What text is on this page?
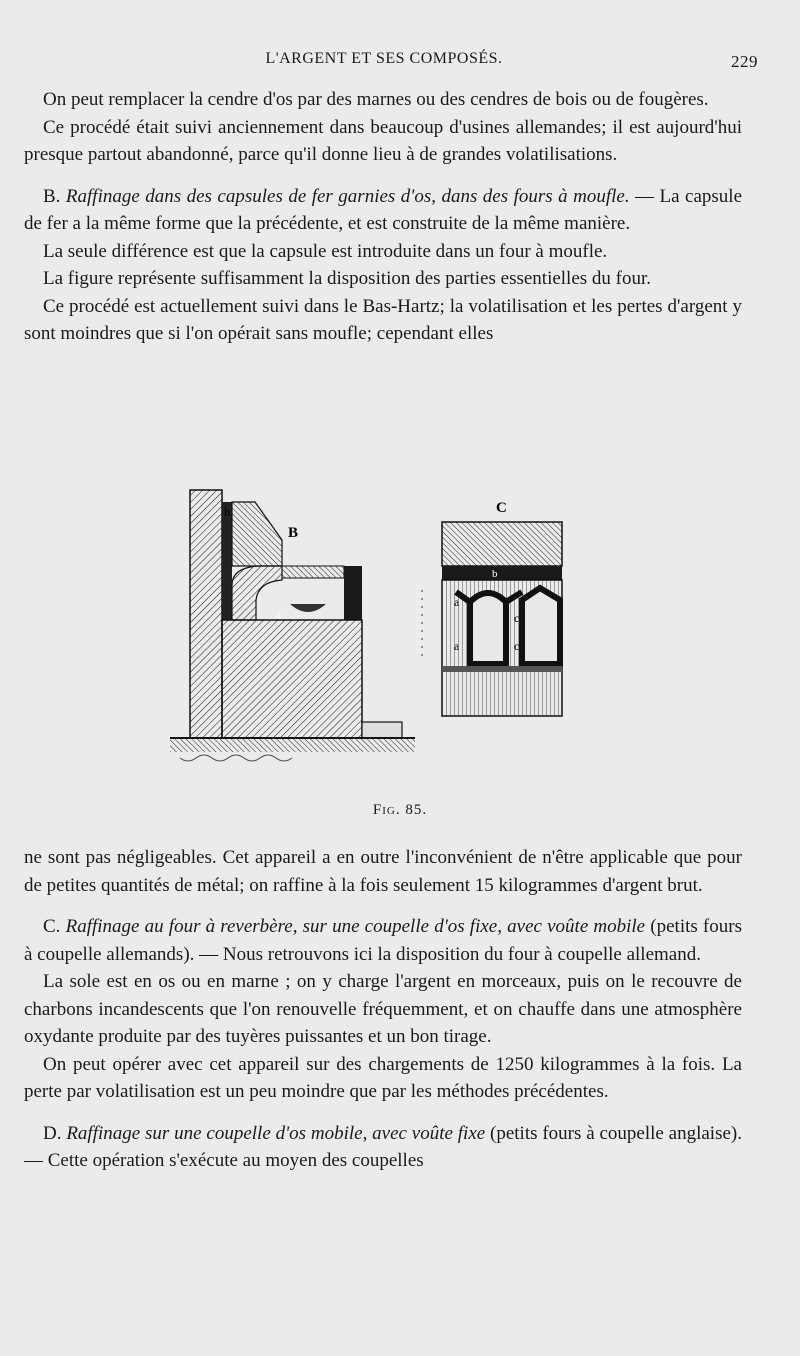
L'ARGENT ET SES COMPOSÉS.	229

On peut remplacer la cendre d'os par des marnes ou des cendres de bois ou de fougères.

Ce procédé était suivi anciennement dans beaucoup d'usines allemandes; il est aujourd'hui presque partout abandonné, parce qu'il donne lieu à de grandes volatilisations.

B. Raffinage dans des capsules de fer garnies d'os, dans des fours à moufle. — La capsule de fer a la même forme que la précédente, et est construite de la même manière.

La seule différence est que la capsule est introduite dans un four à moufle.

La figure représente suffisamment la disposition des parties essentielles du four.

Ce procédé est actuellement suivi dans le Bas-Hartz; la volatilisation et les pertes d'argent y sont moindres que si l'on opérait sans moufle; cependant elles

h
B
a
C
b
a
a
c
c
Fig. 85.

ne sont pas négligeables. Cet appareil a en outre l'inconvénient de n'être applicable que pour de petites quantités de métal; on raffine à la fois seulement 15 kilogrammes d'argent brut.

C. Raffinage au four à reverbère, sur une coupelle d'os fixe, avec voûte mobile (petits fours à coupelle allemands). — Nous retrouvons ici la disposition du four à coupelle allemand.

La sole est en os ou en marne ; on y charge l'argent en morceaux, puis on le recouvre de charbons incandescents que l'on renouvelle fréquemment, et on chauffe dans une atmosphère oxydante produite par des tuyères puissantes et un bon tirage.

On peut opérer avec cet appareil sur des chargements de 1250 kilogrammes à la fois. La perte par volatilisation est un peu moindre que par les méthodes précédentes.

D. Raffinage sur une coupelle d'os mobile, avec voûte fixe (petits fours à coupelle anglaise). — Cette opération s'exécute au moyen des coupelles
